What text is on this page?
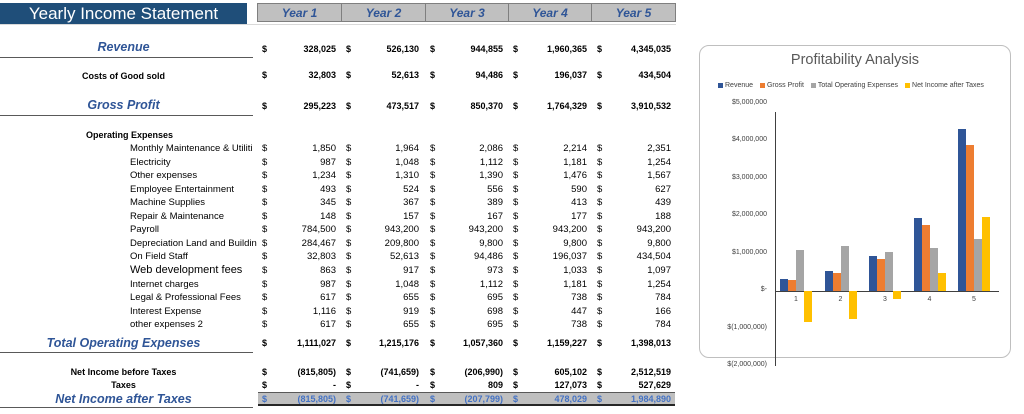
Yearly Income Statement	Year 1	Year 2	Year 3	Year 4	Year 5
Revenue	$	328,025 $	526,130 $	944,855 $	1,960,365 $	4,345,035
Costs of Good sold	$	32,803 $	52,613 $	94,486 $	196,037 $	434,504
Gross Profit	$	295,223 $	473,517 $	850,370 $	1,764,329 $	3,910,532
Operating Expenses
Monthly Maintenance & Utiliti	$	1,850 $	1,964 $	2,086 $	2,214 $	2,351
Electricity	$	987 $	1,048 $	1,112 $	1,181 $	1,254
Other expenses	$	1,234 $	1,310 $	1,390 $	1,476 $	1,567
Employee Entertainment	$	493 $	524 $	556 $	590 $	627
Machine Supplies	$	345 $	367 $	389 $	413 $	439
Repair & Maintenance	$	148 $	157 $	167 $	177 $	188
Payroll	$	784,500 $	943,200 $	943,200 $	943,200 $	943,200
Depreciation Land and Buildin $	284,467 $	209,800 $	9,800 $	9,800 $	9,800
On Field Staff	$	32,803 $	52,613 $	94,486 $	196,037 $	434,504
Web development fees	$	863 $	917 $	973 $	1,033 $	1,097
Internet charges	$	987 $	1,048 $	1,112 $	1,181 $	1,254
Legal & Professional Fees	$	617 $	655 $	695 $	738 $	784
Interest Expense	$	1,116 $	919 $	698 $	447 $	166
other expenses 2	$	617 $	655 $	695 $	738 $	784
Total Operating Expenses	$	1,111,027 $	1,215,176 $	1,057,360 $	1,159,227 $	1,398,013
Net Income before Taxes	$	(815,805) $	(741,659) $	(206,990) $	605,102 $	2,512,519
Taxes	$	- $	- $	809 $	127,073 $	527,629
Net Income after Taxes	$	(815,805) $	(741,659) $	(207,799) $	478,029 $	1,984,890
Profitability Analysis
Revenue Gross Profit Total Operating Expenses Net Income after Taxes
$5,000,000
$4,000,000
$3,000,000
$2,000,000
$1,000,000
$-
$(1,000,000)
$(2,000,000)
1	2	3	4	5
